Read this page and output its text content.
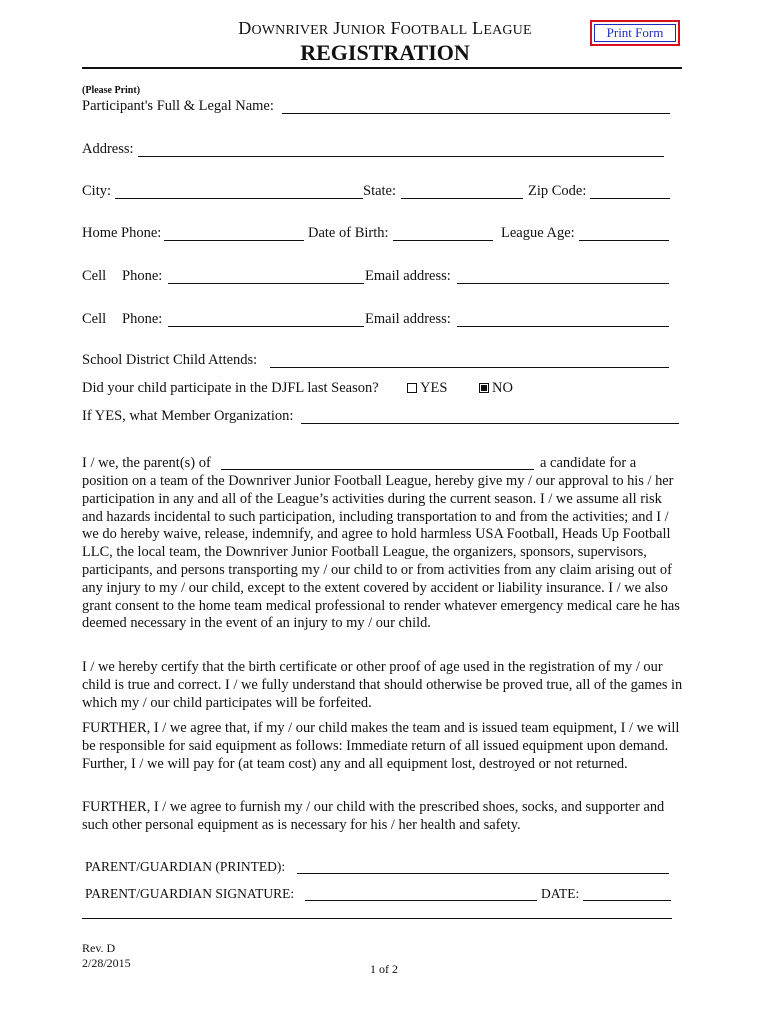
DOWNRIVER JUNIOR FOOTBALL LEAGUE	Print Form
REGISTRATION
(Please Print)
Participant's Full & Legal Name:
Address:
City:	State:	Zip Code:
Home Phone:	Date of Birth:	League Age:
Cell Phone:	Email address:
Cell Phone:	Email address:
School District Child Attends:
Did your child participate in the DJFL last Season?	YES	NO
If YES, what Member Organization:
I / we, the parent(s) of	a candidate for a
position on a team of the Downriver Junior Football League, hereby give my / our approval to his / her participation in any and all of the League’s activities during the current season. I / we assume all risk and hazards incidental to such participation, including transportation to and from the activities; and I / we do hereby waive, release, indemnify, and agree to hold harmless USA Football, Heads Up Football LLC, the local team, the Downriver Junior Football League, the organizers, sponsors, supervisors, participants, and persons transporting my / our child to or from activities from any claim arising out of any injury to my / our child, except to the extent covered by accident or liability insurance. I / we also grant consent to the home team medical professional to render whatever emergency medical care he has deemed necessary in the event of an injury to my / our child.
I / we hereby certify that the birth certificate or other proof of age used in the registration of my / our child is true and correct. I / we fully understand that should otherwise be proved true, all of the games in which my / our child participates will be forfeited.
FURTHER, I / we agree that, if my / our child makes the team and is issued team equipment, I / we will be responsible for said equipment as follows: Immediate return of all issued equipment upon demand. Further, I / we will pay for (at team cost) any and all equipment lost, destroyed or not returned.
FURTHER, I / we agree to furnish my / our child with the prescribed shoes, socks, and supporter and such other personal equipment as is necessary for his / her health and safety.
PARENT/GUARDIAN (PRINTED):
PARENT/GUARDIAN SIGNATURE:	DATE:
Rev. D
2/28/2015	1 of 2
